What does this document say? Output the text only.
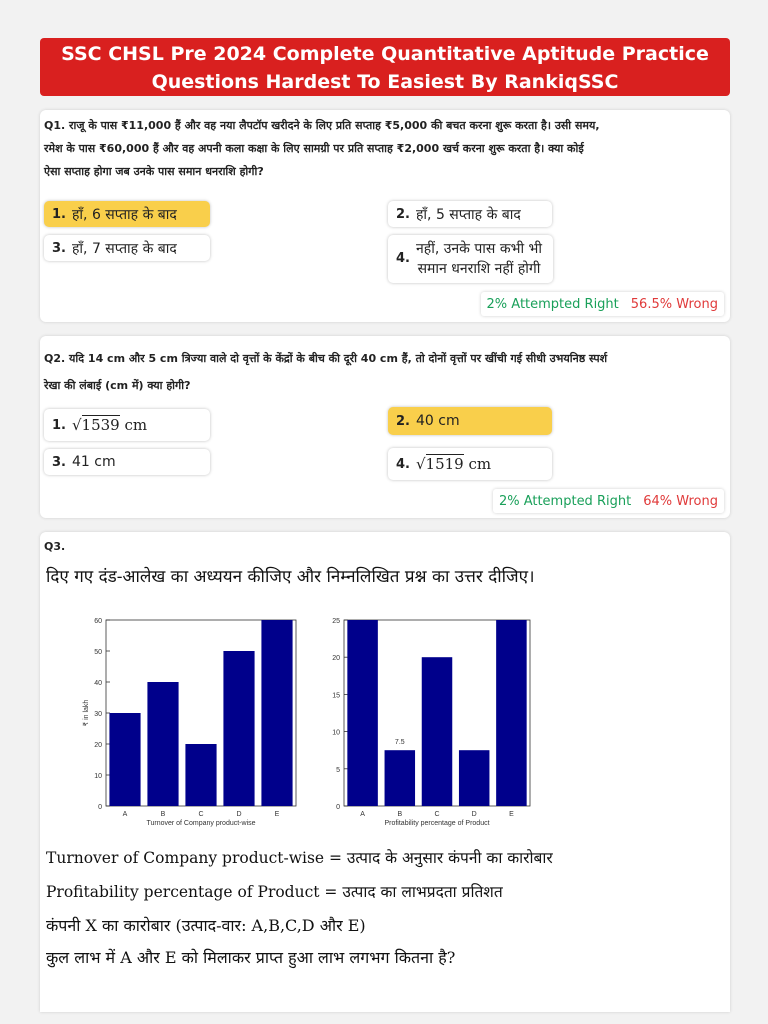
SSC CHSL Pre 2024 Complete Quantitative Aptitude Practice
Questions Hardest To Easiest By RankiqSSC
Q1. राजू के पास ₹11,000 हैं और वह नया लैपटॉप खरीदने के लिए प्रति सप्ताह ₹5,000 की बचत करना शुरू करता है। उसी समय,
रमेश के पास ₹60,000 हैं और वह अपनी कला कक्षा के लिए सामग्री पर प्रति सप्ताह ₹2,000 खर्च करना शुरू करता है। क्या कोई
ऐसा सप्ताह होगा जब उनके पास समान धनराशि होगी?
1. हाँ, 6 सप्ताह के बाद	2. हाँ, 5 सप्ताह के बाद
3. हाँ, 7 सप्ताह के बाद
4.
नहीं, उनके पास कभी भी
समान धनराशि नहीं होगी
2% Attempted Right 56.5% Wrong
Q2. यदि 14 cm और 5 cm त्रिज्या वाले दो वृत्तों के केंद्रों के बीच की दूरी 40 cm हैं, तो दोनों वृत्तों पर खींची गई सीधी उभयनिष्ठ स्पर्श
रेखा की लंबाई (cm में) क्या होगी?
1. √1539 cm	2. 40 cm
3. 41 cm	4. √1519 cm
2% Attempted Right 64% Wrong
Q3.
दिए गए दंड-आलेख का अध्ययन कीजिए और निम्नलिखित प्रश्न का उत्तर दीजिए।
0
10
20
30
40
50
60
A	B	C	D	E
Turnover of Company product-wise
₹ in lakh
0
5
10
15
20
25
A	B	C	D	E
7.5
Profitability percentage of Product
Turnover of Company product-wise = उत्पाद के अनुसार कंपनी का कारोबार
Profitability percentage of Product = उत्पाद का लाभप्रदता प्रतिशत
कंपनी X का कारोबार (उत्पाद-वार: A,B,C,D और E)
कुल लाभ में A और E को मिलाकर प्राप्त हुआ लाभ लगभग कितना है?
